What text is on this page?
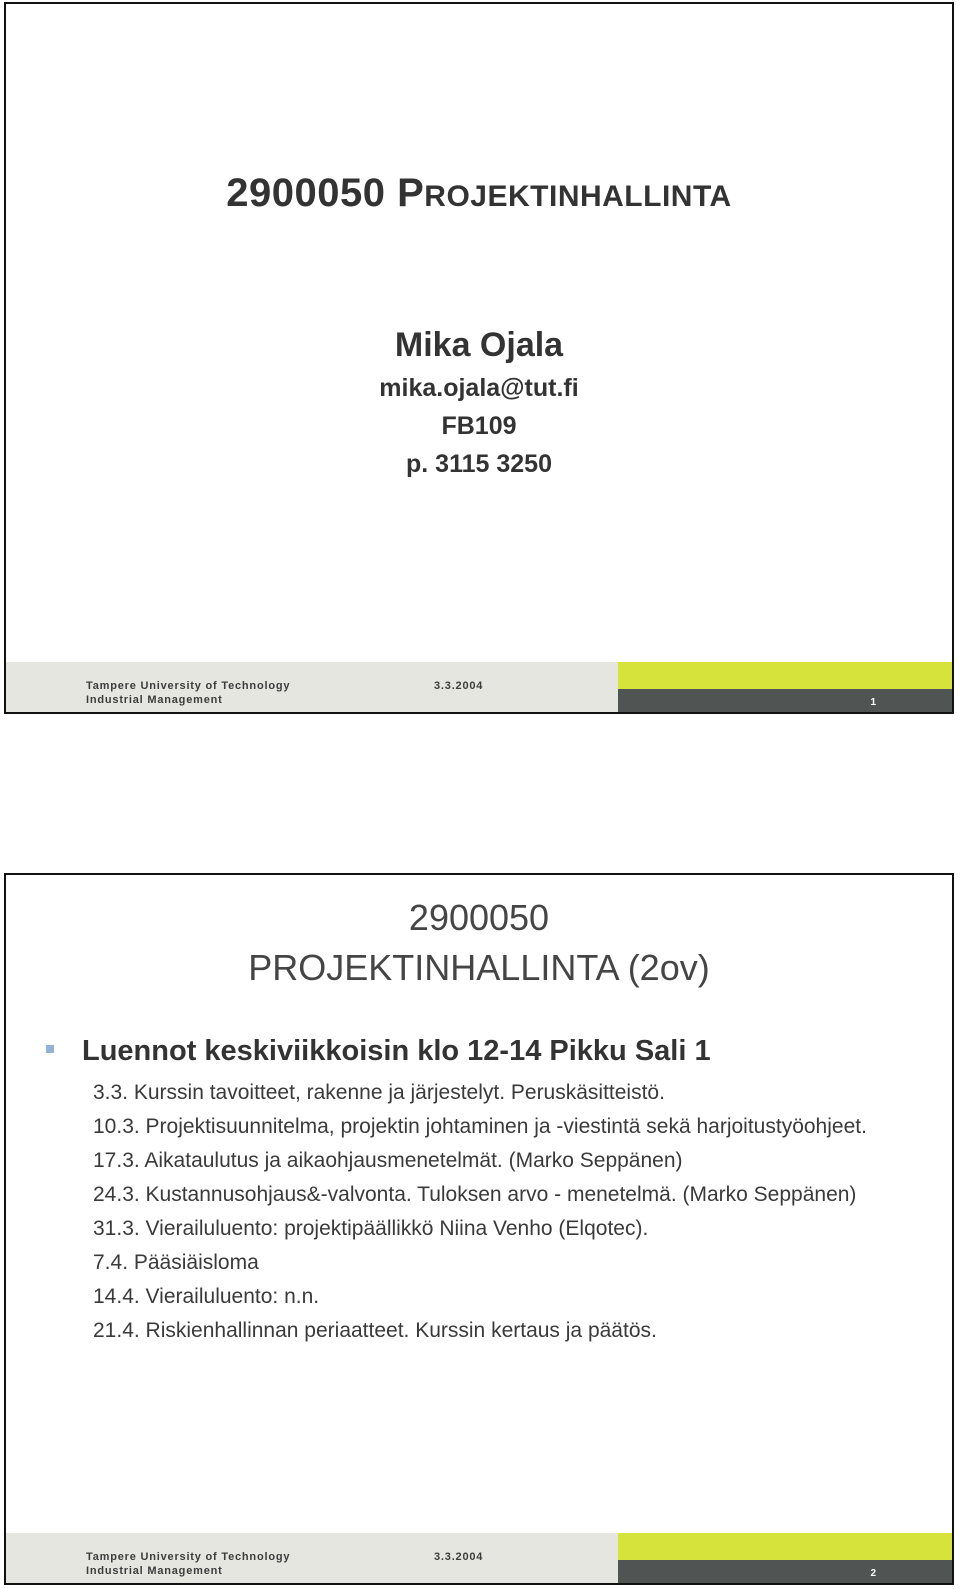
2900050 PROJEKTINHALLINTA
Mika Ojala
mika.ojala@tut.fi
FB109
p. 3115 3250
Tampere University of Technology
Industrial Management
3.3.2004
1
2900050
PROJEKTINHALLINTA (2ov)
Luennot keskiviikkoisin klo 12-14 Pikku Sali 1
3.3. Kurssin tavoitteet, rakenne ja järjestelyt. Peruskäsitteistö.
10.3. Projektisuunnitelma, projektin johtaminen ja -viestintä sekä harjoitustyöohjeet.
17.3. Aikataulutus ja aikaohjausmenetelmät. (Marko Seppänen)
24.3. Kustannusohjaus&-valvonta. Tuloksen arvo - menetelmä. (Marko Seppänen)
31.3. Vierailuluento: projektipäällikkö Niina Venho (Elqotec).
7.4. Pääsiäisloma
14.4. Vierailuluento: n.n.
21.4. Riskienhallinnan periaatteet. Kurssin kertaus ja päätös.
Tampere University of Technology
Industrial Management
3.3.2004
2
